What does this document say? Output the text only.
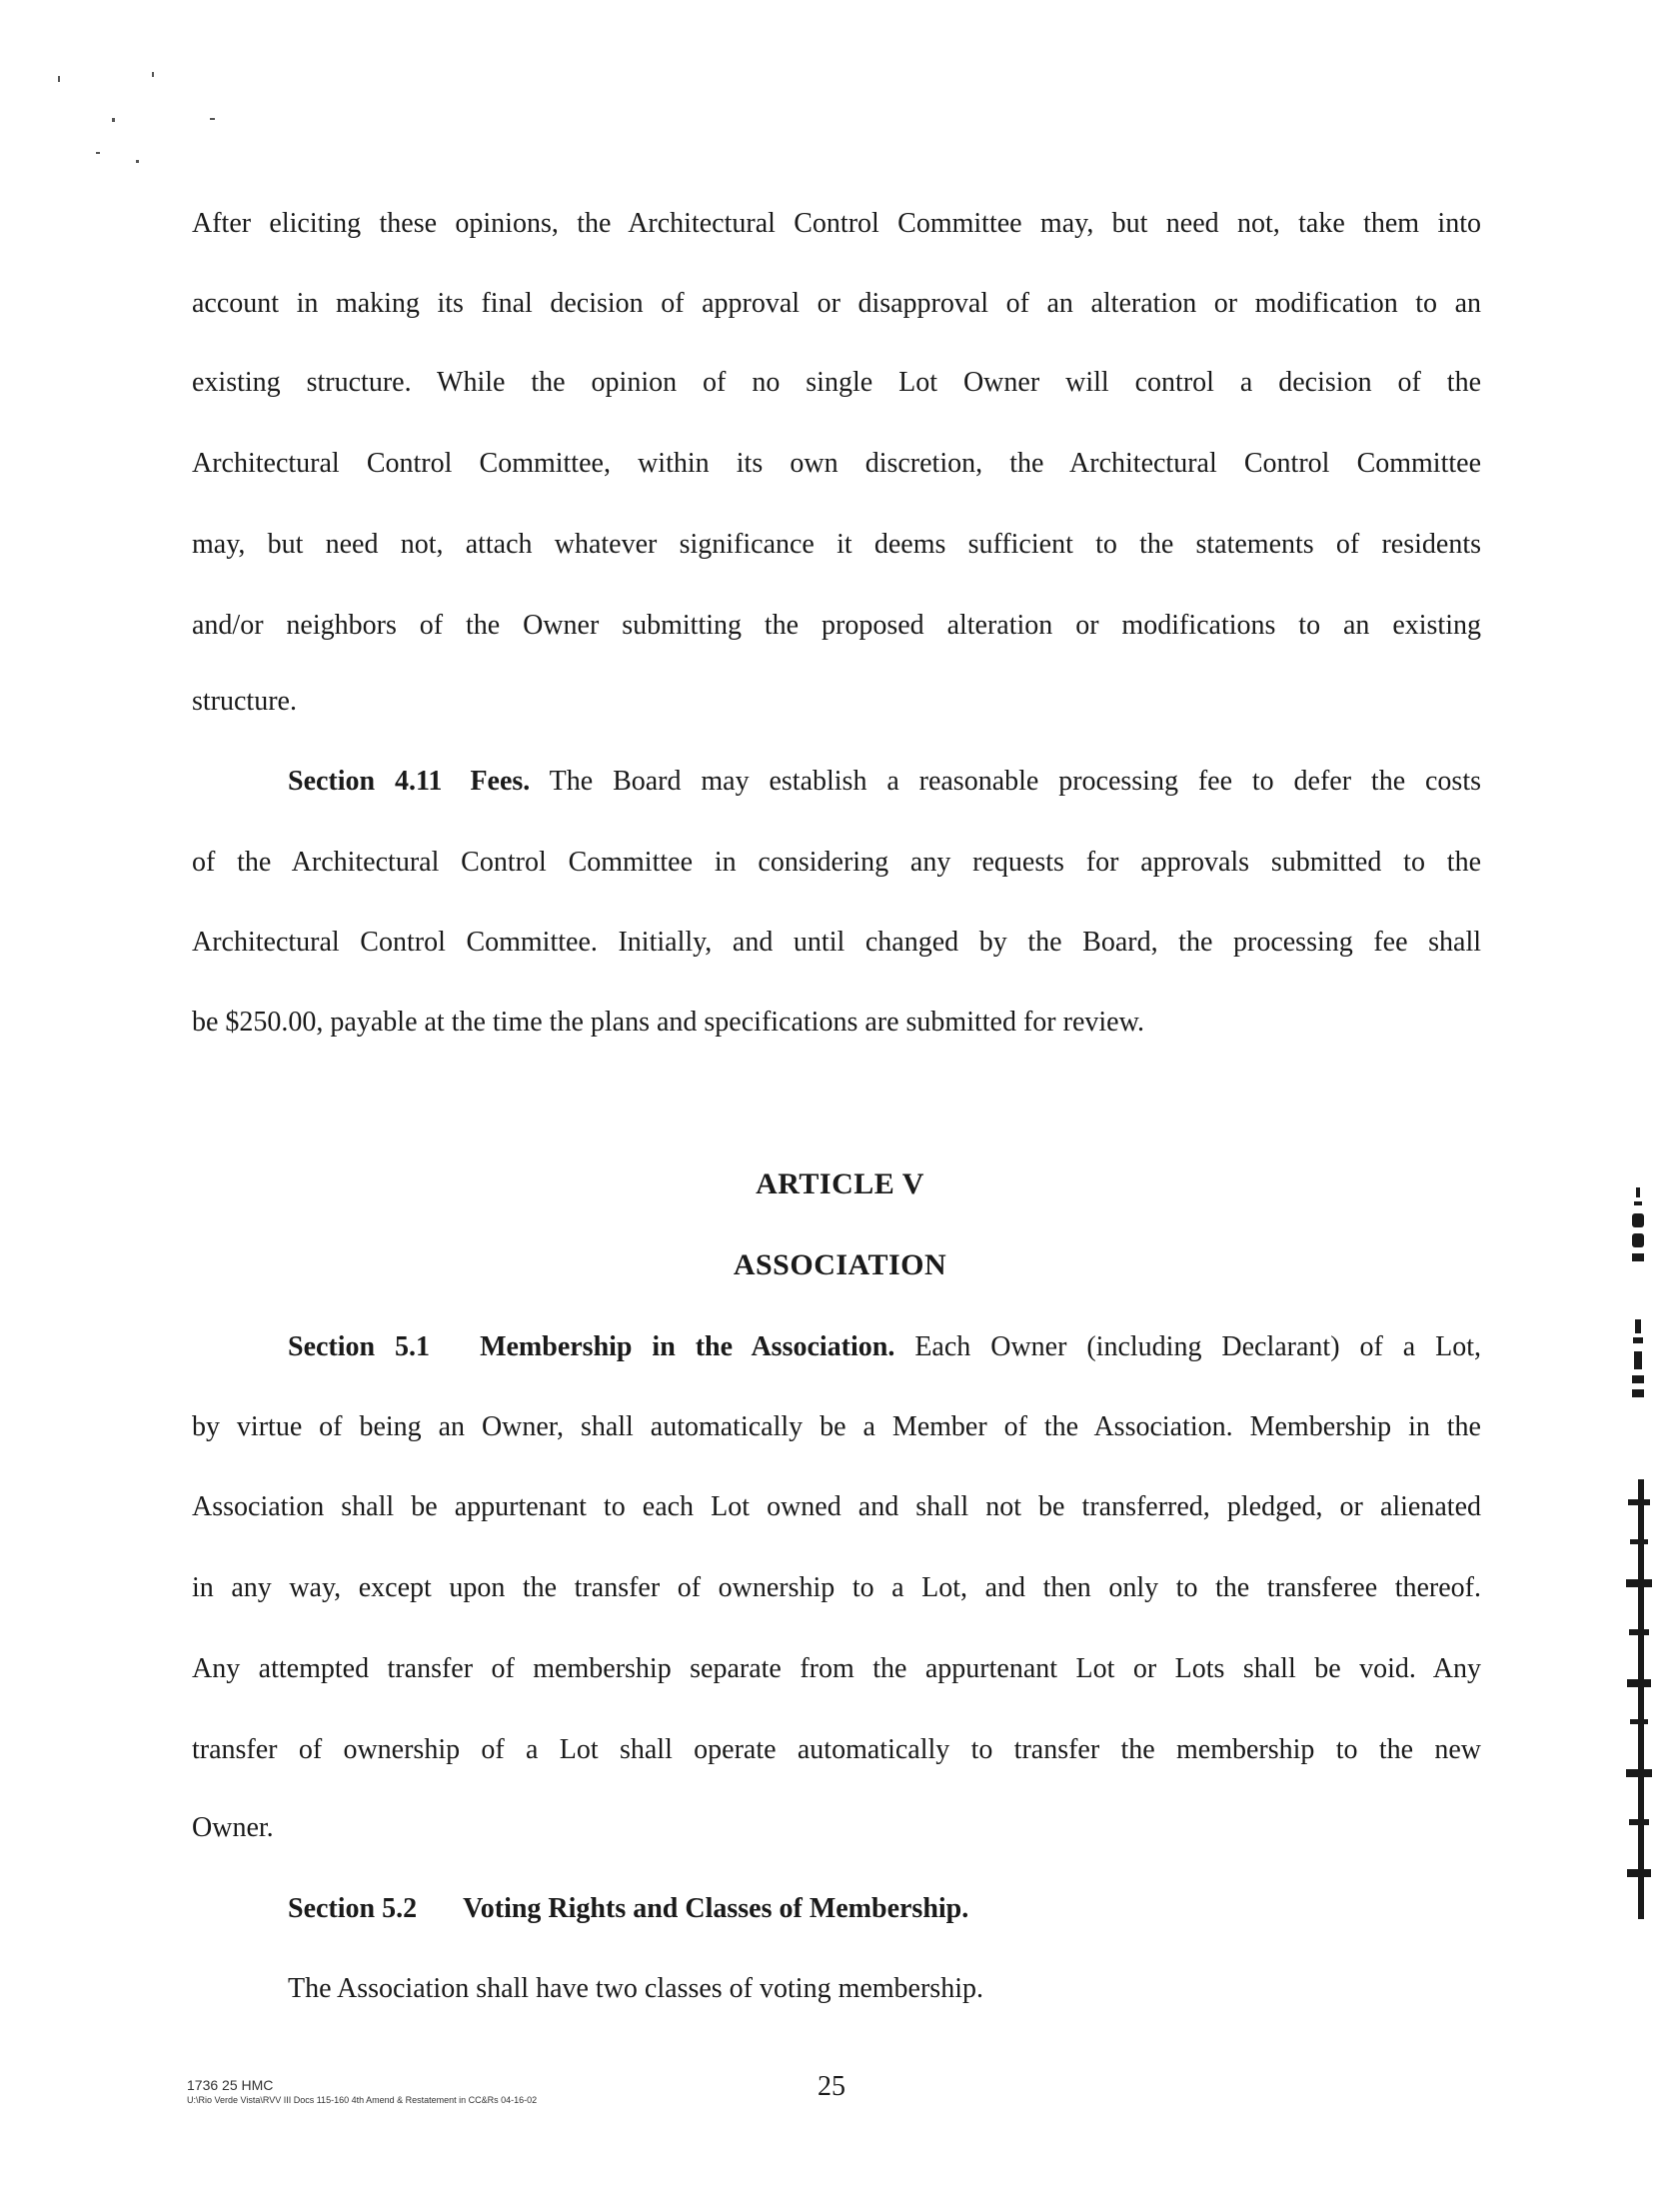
After eliciting these opinions, the Architectural Control Committee may, but need not, take them into
account in making its final decision of approval or disapproval of an alteration or modification to an
existing structure. While the opinion of no single Lot Owner will control a decision of the
Architectural Control Committee, within its own discretion, the Architectural Control Committee
may, but need not, attach whatever significance it deems sufficient to the statements of residents
and/or neighbors of the Owner submitting the proposed alteration or modifications to an existing
structure.
Section 4.11 Fees. The Board may establish a reasonable processing fee to defer the costs
of the Architectural Control Committee in considering any requests for approvals submitted to the
Architectural Control Committee. Initially, and until changed by the Board, the processing fee shall
be $250.00, payable at the time the plans and specifications are submitted for review.
ARTICLE V
ASSOCIATION
Section 5.1 Membership in the Association. Each Owner (including Declarant) of a Lot,
by virtue of being an Owner, shall automatically be a Member of the Association. Membership in the
Association shall be appurtenant to each Lot owned and shall not be transferred, pledged, or alienated
in any way, except upon the transfer of ownership to a Lot, and then only to the transferee thereof.
Any attempted transfer of membership separate from the appurtenant Lot or Lots shall be void. Any
transfer of ownership of a Lot shall operate automatically to transfer the membership to the new
Owner.
Section 5.2 Voting Rights and Classes of Membership.
The Association shall have two classes of voting membership.
1736 25 HMC
U:\Rio Verde Vista\RVV III Docs 115-160 4th Amend & Restatement in CC&Rs 04-16-02	25
